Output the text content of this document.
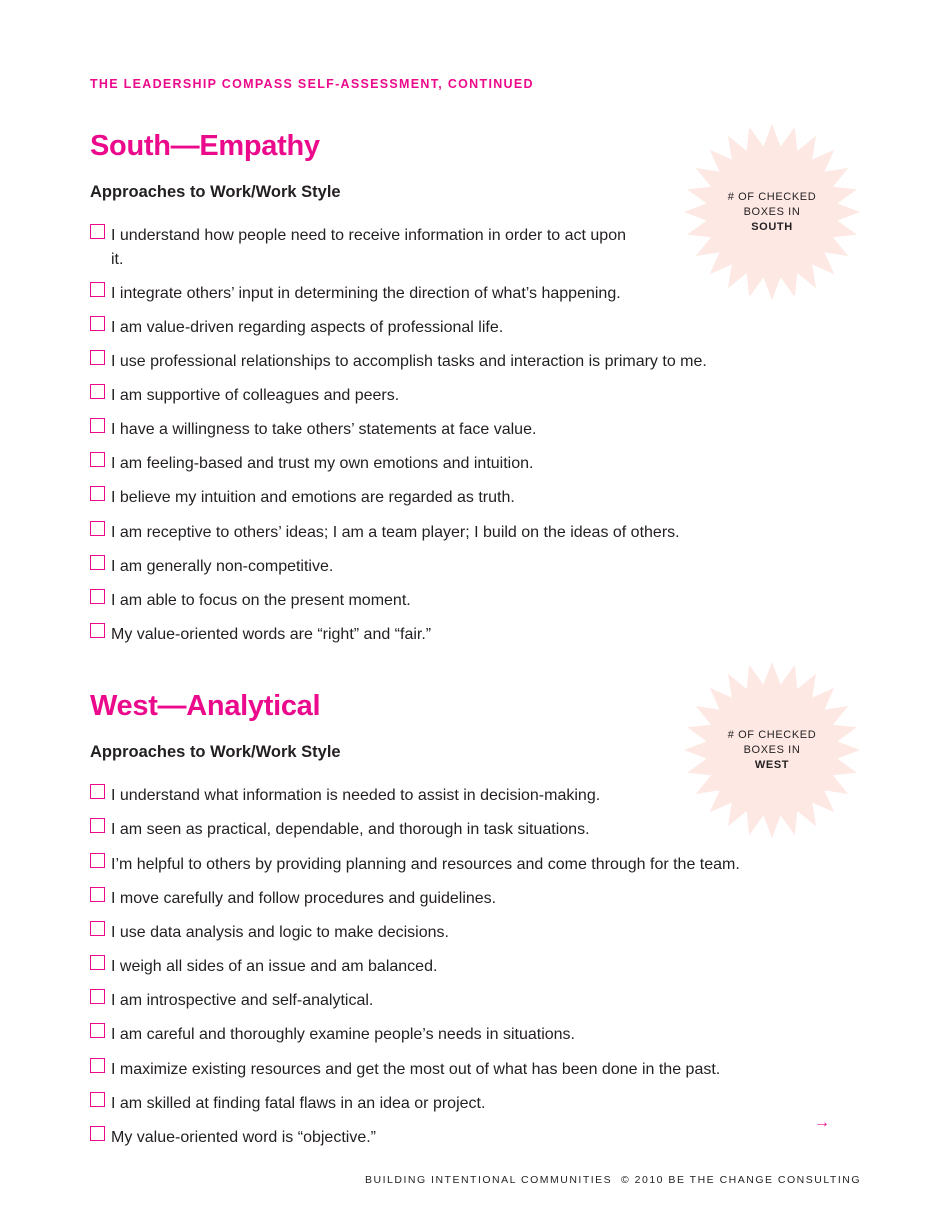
THE LEADERSHIP COMPASS SELF-ASSESSMENT, CONTINUED
South—Empathy
Approaches to Work/Work Style
I understand how people need to receive information in order to act upon it.
I integrate others’ input in determining the direction of what’s happening.
I am value-driven regarding aspects of professional life.
I use professional relationships to accomplish tasks and interaction is primary to me.
I am supportive of colleagues and peers.
I have a willingness to take others’ statements at face value.
I am feeling-based and trust my own emotions and intuition.
I believe my intuition and emotions are regarded as truth.
I am receptive to others’ ideas; I am a team player; I build on the ideas of others.
I am generally non-competitive.
I am able to focus on the present moment.
My value-oriented words are “right” and “fair.”
# OF CHECKED
BOXES IN
SOUTH
West—Analytical
Approaches to Work/Work Style
I understand what information is needed to assist in decision-making.
I am seen as practical, dependable, and thorough in task situations.
I’m helpful to others by providing planning and resources and come through for the team.
I move carefully and follow procedures and guidelines.
I use data analysis and logic to make decisions.
I weigh all sides of an issue and am balanced.
I am introspective and self-analytical.
I am careful and thoroughly examine people’s needs in situations.
I maximize existing resources and get the most out of what has been done in the past.
I am skilled at finding fatal flaws in an idea or project.
My value-oriented word is “objective.”
# OF CHECKED
BOXES IN
WEST
→
BUILDING INTENTIONAL COMMUNITIES  © 2010 BE THE CHANGE CONSULTING
